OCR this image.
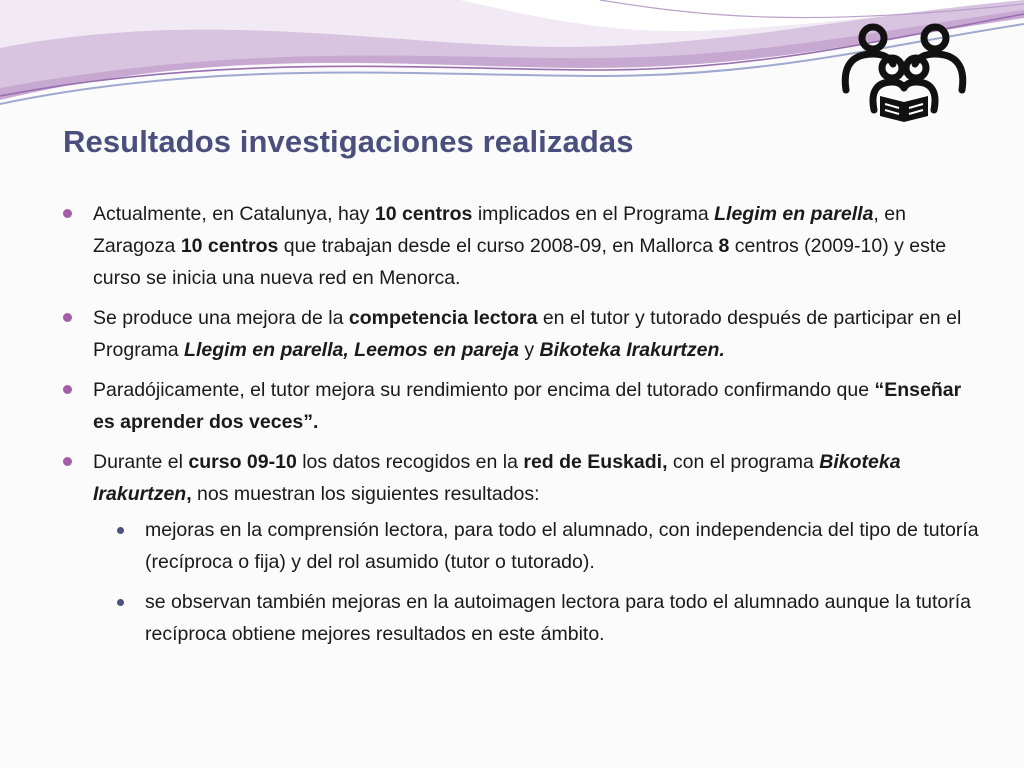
Resultados investigaciones realizadas
Actualmente, en Catalunya, hay 10 centros implicados en el Programa Llegim en parella, en Zaragoza 10 centros que trabajan desde el curso 2008-09, en Mallorca 8 centros (2009-10) y este curso se inicia una nueva red en Menorca.
Se produce una mejora de la competencia lectora en el tutor y tutorado después de participar en el Programa Llegim en parella, Leemos en pareja y Bikoteka Irakurtzen.
Paradójicamente, el tutor mejora su rendimiento por encima del tutorado confirmando que “Enseñar es aprender dos veces”.
Durante el curso 09-10 los datos recogidos en la red de Euskadi, con el programa Bikoteka Irakurtzen, nos muestran los siguientes resultados:
mejoras en la comprensión lectora, para todo el alumnado, con independencia del tipo de tutoría (recíproca o fija) y del rol asumido (tutor o tutorado).
se observan también mejoras en la autoimagen lectora para todo el alumnado aunque la tutoría recíproca obtiene mejores resultados en este ámbito.
